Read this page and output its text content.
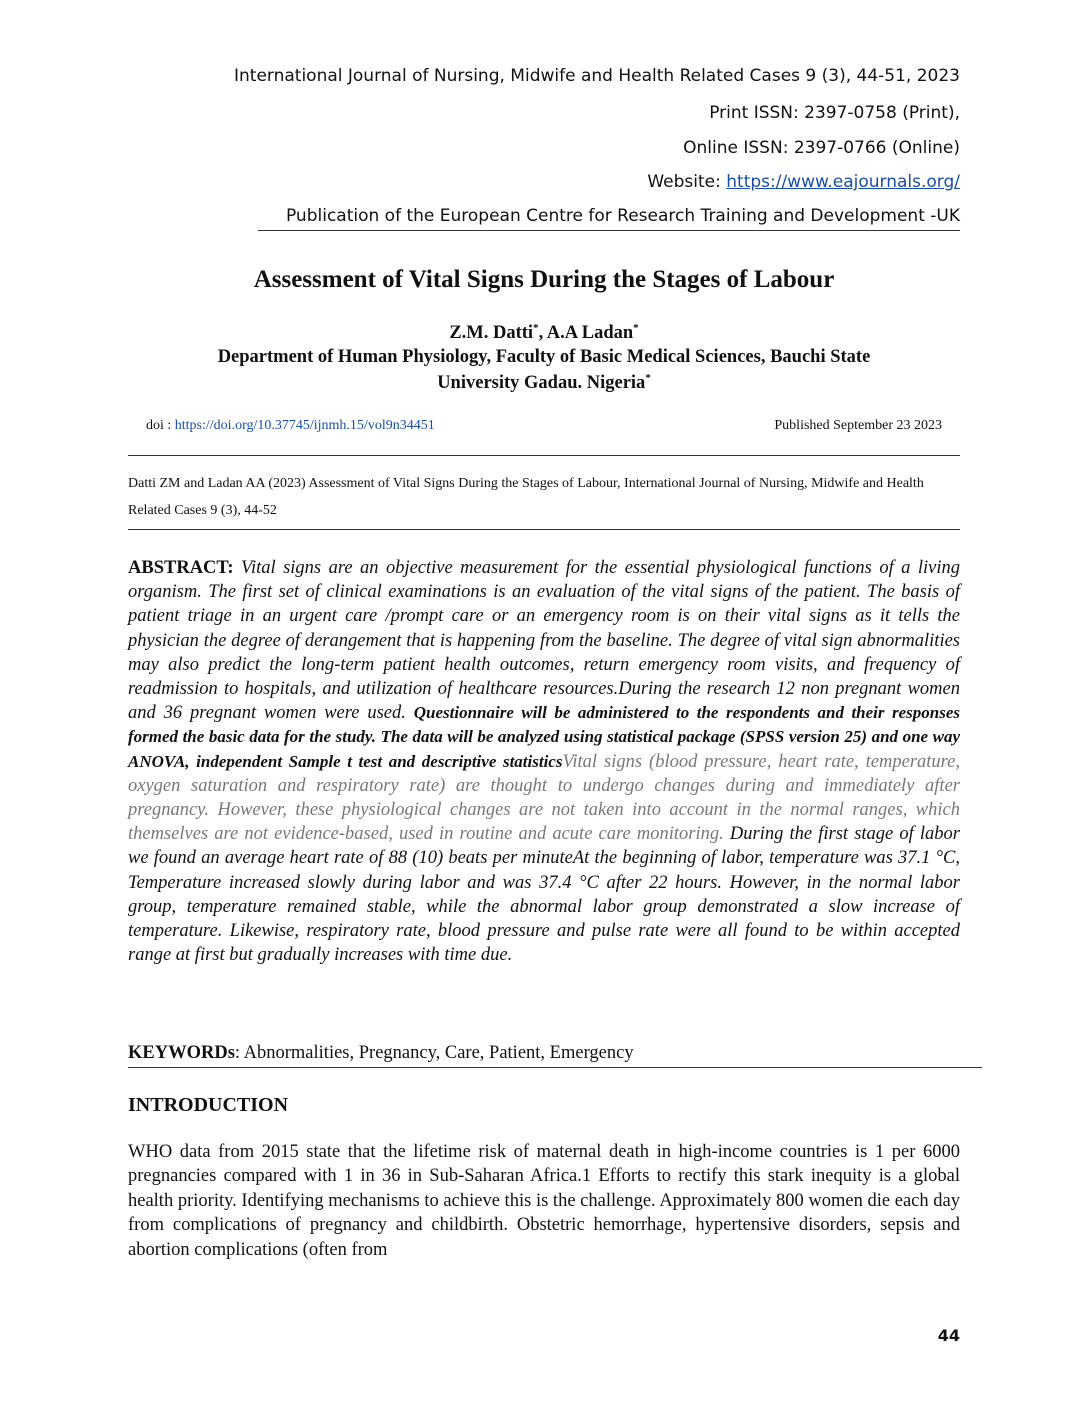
International Journal of Nursing, Midwife and Health Related Cases 9 (3), 44-51, 2023
Print ISSN: 2397-0758 (Print),
Online ISSN: 2397-0766 (Online)
Website: https://www.eajournals.org/
Publication of the European Centre for Research Training and Development -UK
Assessment of Vital Signs During the Stages of Labour
Z.M. Datti*, A.A Ladan*
Department of Human Physiology, Faculty of Basic Medical Sciences, Bauchi State
University Gadau. Nigeria*
doi : https://doi.org/10.37745/ijnmh.15/vol9n34451	Published September 23 2023
Datti ZM and Ladan AA (2023) Assessment of Vital Signs During the Stages of Labour, International Journal of Nursing, Midwife and Health Related Cases 9 (3), 44-52
ABSTRACT: Vital signs are an objective measurement for the essential physiological functions of a living organism. The first set of clinical examinations is an evaluation of the vital signs of the patient. The basis of patient triage in an urgent care /prompt care or an emergency room is on their vital signs as it tells the physician the degree of derangement that is happening from the baseline. The degree of vital sign abnormalities may also predict the long-term patient health outcomes, return emergency room visits, and frequency of readmission to hospitals, and utilization of healthcare resources.During the research 12 non pregnant women and 36 pregnant women were used. Questionnaire will be administered to the respondents and their responses formed the basic data for the study. The data will be analyzed using statistical package (SPSS version 25) and one way ANOVA, independent Sample t test and descriptive statisticsVital signs (blood pressure, heart rate, temperature, oxygen saturation and respiratory rate) are thought to undergo changes during and immediately after pregnancy. However, these physiological changes are not taken into account in the normal ranges, which themselves are not evidence-based, used in routine and acute care monitoring. During the first stage of labor we found an average heart rate of 88 (10) beats per minuteAt the beginning of labor, temperature was 37.1 °C, Temperature increased slowly during labor and was 37.4 °C after 22 hours. However, in the normal labor group, temperature remained stable, while the abnormal labor group demonstrated a slow increase of temperature. Likewise, respiratory rate, blood pressure and pulse rate were all found to be within accepted range at first but gradually increases with time due.
KEYWORDs: Abnormalities, Pregnancy, Care, Patient, Emergency
INTRODUCTION
WHO data from 2015 state that the lifetime risk of maternal death in high-income countries is 1 per 6000 pregnancies compared with 1 in 36 in Sub-Saharan Africa.1 Efforts to rectify this stark inequity is a global health priority. Identifying mechanisms to achieve this is the challenge. Approximately 800 women die each day from complications of pregnancy and childbirth. Obstetric hemorrhage, hypertensive disorders, sepsis and abortion complications (often from
44
